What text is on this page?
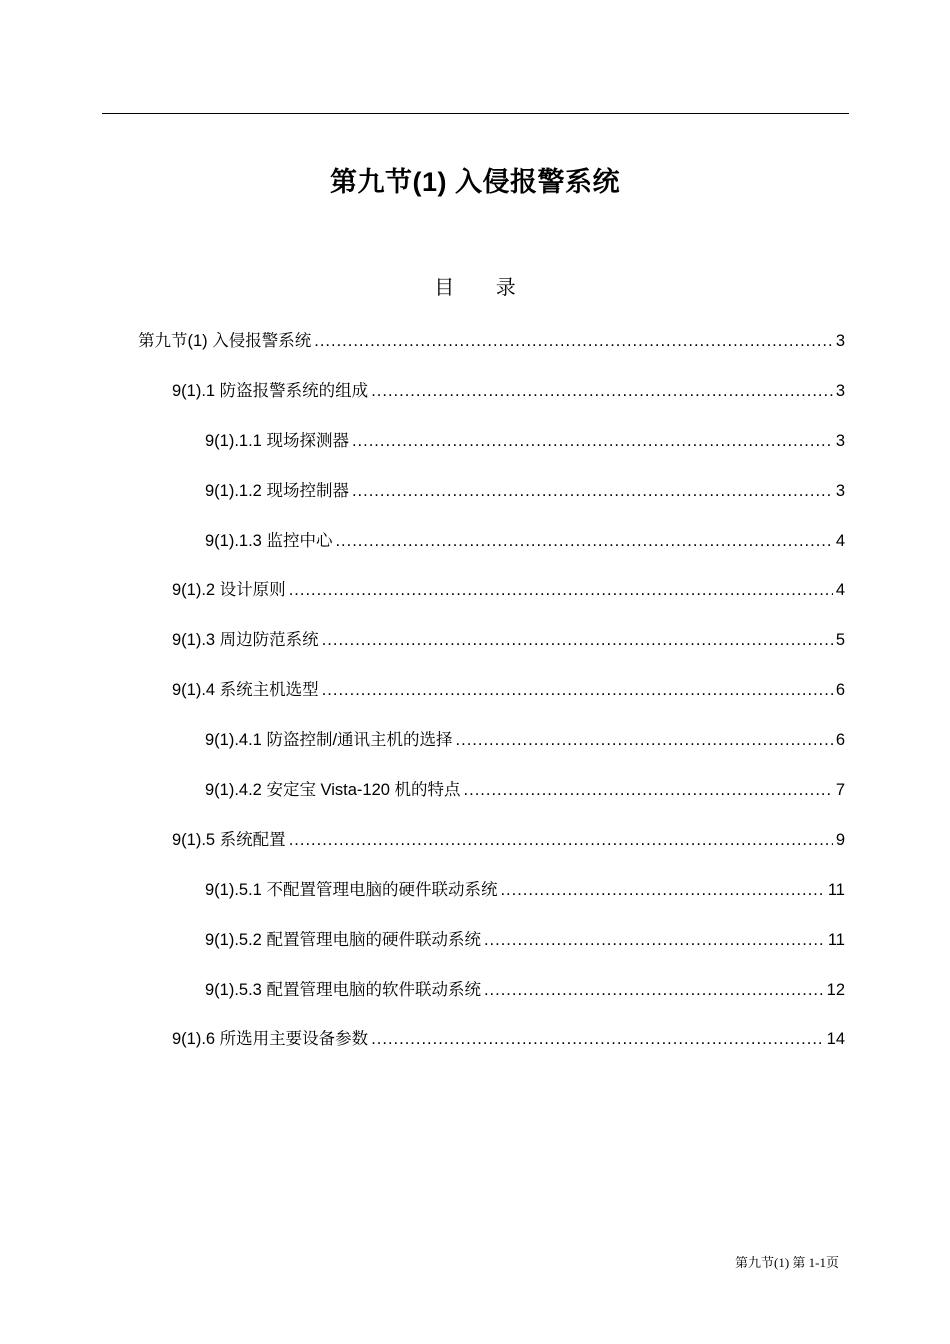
第九节(1) 入侵报警系统
目 录
第九节(1) 入侵报警系统 .....	3
9(1).1 防盗报警系统的组成 .....	3
9(1).1.1 现场探测器 .....	3
9(1).1.2 现场控制器 .....	3
9(1).1.3 监控中心 .....	4
9(1).2 设计原则 .....	4
9(1).3 周边防范系统 .....	5
9(1).4 系统主机选型 .....	6
9(1).4.1 防盗控制/通讯主机的选择 .....	6
9(1).4.2 安定宝 Vista-120 机的特点 .....	7
9(1).5 系统配置 .....	9
9(1).5.1 不配置管理电脑的硬件联动系统 .....	11
9(1).5.2 配置管理电脑的硬件联动系统 .....	11
9(1).5.3 配置管理电脑的软件联动系统 .....	12
9(1).6 所选用主要设备参数 .....	14
第九节(1) 第 1-1页
